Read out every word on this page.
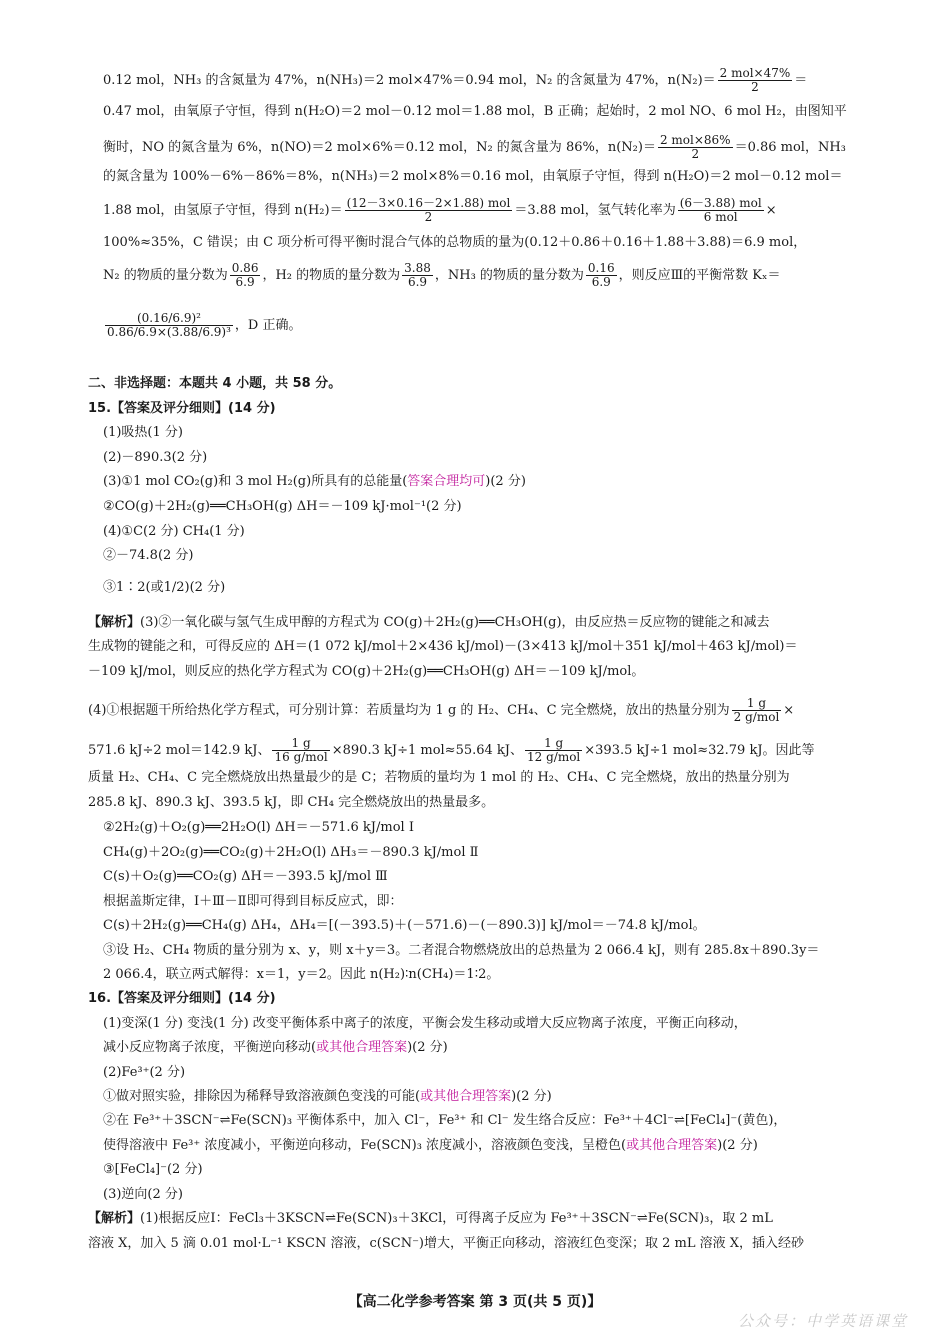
0.12 mol，NH₃ 的含氮量为 47%，n(NH₃)＝2 mol×47%＝0.94 mol，N₂ 的含氮量为 47%，$n(N_2)= \frac{\text{2 mol×47\%}}{2}$ ＝
0.47 mol，由氧原子守恒，得到 n(H₂O)＝2 mol－0.12 mol＝1.88 mol，B 正确；起始时，2 mol NO、6 mol H₂，由图知平
衡时，NO 的氮含量为 6%，n(NO)＝2 mol×6%＝0.12 mol，N₂ 的氮含量为 86%，$n(N_2)= \frac{\text{2 mol×86\%}}{2} =0.86$ mol，NH₃
的氮含量为 100%－6%－86%＝8%，n(NH₃)＝2 mol×8%＝0.16 mol，由氧原子守恒，得到 n(H₂O)＝2 mol－0.12 mol＝
1.88 mol，由氢原子守恒，得到 $n(H_2)= \frac{\text{(12－3×0.16－2×1.88) mol}}{2} =3.88$ mol，氢气转化率为 $\frac{\text{(6－3.88) mol}}{\text{6 mol}}$ ×
100%≈35%，C 错误；由 C 项分析可得平衡时混合气体的总物质的量为(0.12＋0.86＋0.16＋1.88＋3.88)＝6.9 mol，
N₂ 的物质的量分数为 $\frac{0.86}{6.9}$ ，H₂ 的物质的量分数为 $\frac{3.88}{6.9}$ ，NH₃ 的物质的量分数为 $\frac{0.16}{6.9}$ ，则反应Ⅲ的平衡常数 Kₓ＝
$\frac{\text{(0.16/6.9)²}}{\text{0.86/6.9×(3.88/6.9)³}}$ ，D 正确。
二、非选择题：本题共 4 小题，共 58 分。
15.【答案及评分细则】(14 分)
(1)吸热(1 分)
(2)－890.3(2 分)
(3)①1 mol CO₂(g)和 3 mol H₂(g)所具有的总能量(答案合理均可)(2 分)
②CO(g)＋2H₂(g)══CH₃OH(g) ΔH＝－109 kJ·mol⁻¹(2 分)
(4)①C(2 分) CH₄(1 分)
②－74.8(2 分)
③1∶2(或1/2)(2 分)
【解析】(3)②一氧化碳与氢气生成甲醇的方程式为 CO(g)＋2H₂(g)══CH₃OH(g)，由反应热＝反应物的键能之和减去
生成物的键能之和，可得反应的 ΔH＝(1 072 kJ/mol＋2×436 kJ/mol)－(3×413 kJ/mol＋351 kJ/mol＋463 kJ/mol)＝
－109 kJ/mol，则反应的热化学方程式为 CO(g)＋2H₂(g)══CH₃OH(g) ΔH＝－109 kJ/mol。
(4)①根据题干所给热化学方程式，可分别计算：若质量均为 1 g 的 H₂、CH₄、C 完全燃烧，放出的热量分别为 $\frac{1 g}{\text{2 g/mol}}$ ×
571.6 kJ÷2 mol＝142.9 kJ、 $\frac{1 g}{\text{16 g/mol}} \times 890.3$ kJ÷1 mol≈55.64 kJ、 $\frac{1 g}{\text{12 g/mol}} \times 393.5$ kJ÷1 mol≈32.79 kJ。因此等
质量 H₂、CH₄、C 完全燃烧放出热量最少的是 C；若物质的量均为 1 mol 的 H₂、CH₄、C 完全燃烧，放出的热量分别为
285.8 kJ、890.3 kJ、393.5 kJ，即 CH₄ 完全燃烧放出的热量最多。
②2H₂(g)＋O₂(g)══2H₂O(l) ΔH＝－571.6 kJ/mol Ⅰ
CH₄(g)＋2O₂(g)══CO₂(g)＋2H₂O(l) ΔH₃＝－890.3 kJ/mol Ⅱ
C(s)＋O₂(g)══CO₂(g) ΔH＝－393.5 kJ/mol Ⅲ
根据盖斯定律，Ⅰ＋Ⅲ－Ⅱ即可得到目标反应式，即：
C(s)＋2H₂(g)══CH₄(g) ΔH₄，ΔH₄＝[(－393.5)＋(－571.6)－(－890.3)] kJ/mol＝－74.8 kJ/mol。
③设 H₂、CH₄ 物质的量分别为 x、y，则 x＋y＝3。二者混合物燃烧放出的总热量为 2 066.4 kJ，则有 285.8x＋890.3y＝
2 066.4，联立两式解得：x＝1，y＝2。因此 n(H₂)∶n(CH₄)＝1∶2。
16.【答案及评分细则】(14 分)
(1)变深(1 分) 变浅(1 分) 改变平衡体系中离子的浓度，平衡会发生移动或增大反应物离子浓度，平衡正向移动，
减小反应物离子浓度，平衡逆向移动(或其他合理答案)(2 分)
(2)Fe³⁺(2 分)
①做对照实验，排除因为稀释导致溶液颜色变浅的可能(或其他合理答案)(2 分)
②在 Fe³⁺＋3SCN⁻⇌Fe(SCN)₃ 平衡体系中，加入 Cl⁻，Fe³⁺ 和 Cl⁻ 发生络合反应：Fe³⁺＋4Cl⁻⇌[FeCl₄]⁻(黄色)，
使得溶液中 Fe³⁺ 浓度减小，平衡逆向移动，Fe(SCN)₃ 浓度减小，溶液颜色变浅，呈橙色(或其他合理答案)(2 分)
③[FeCl₄]⁻(2 分)
(3)逆向(2 分)
【解析】(1)根据反应Ⅰ：FeCl₃＋3KSCN⇌Fe(SCN)₃＋3KCl，可得离子反应为 Fe³⁺＋3SCN⁻⇌Fe(SCN)₃，取 2 mL
溶液 X，加入 5 滴 0.01 mol·L⁻¹ KSCN 溶液，c(SCN⁻)增大，平衡正向移动，溶液红色变深；取 2 mL 溶液 X，插入经砂
【高二化学参考答案 第 3 页(共 5 页)】
公众号：中学英语课堂
